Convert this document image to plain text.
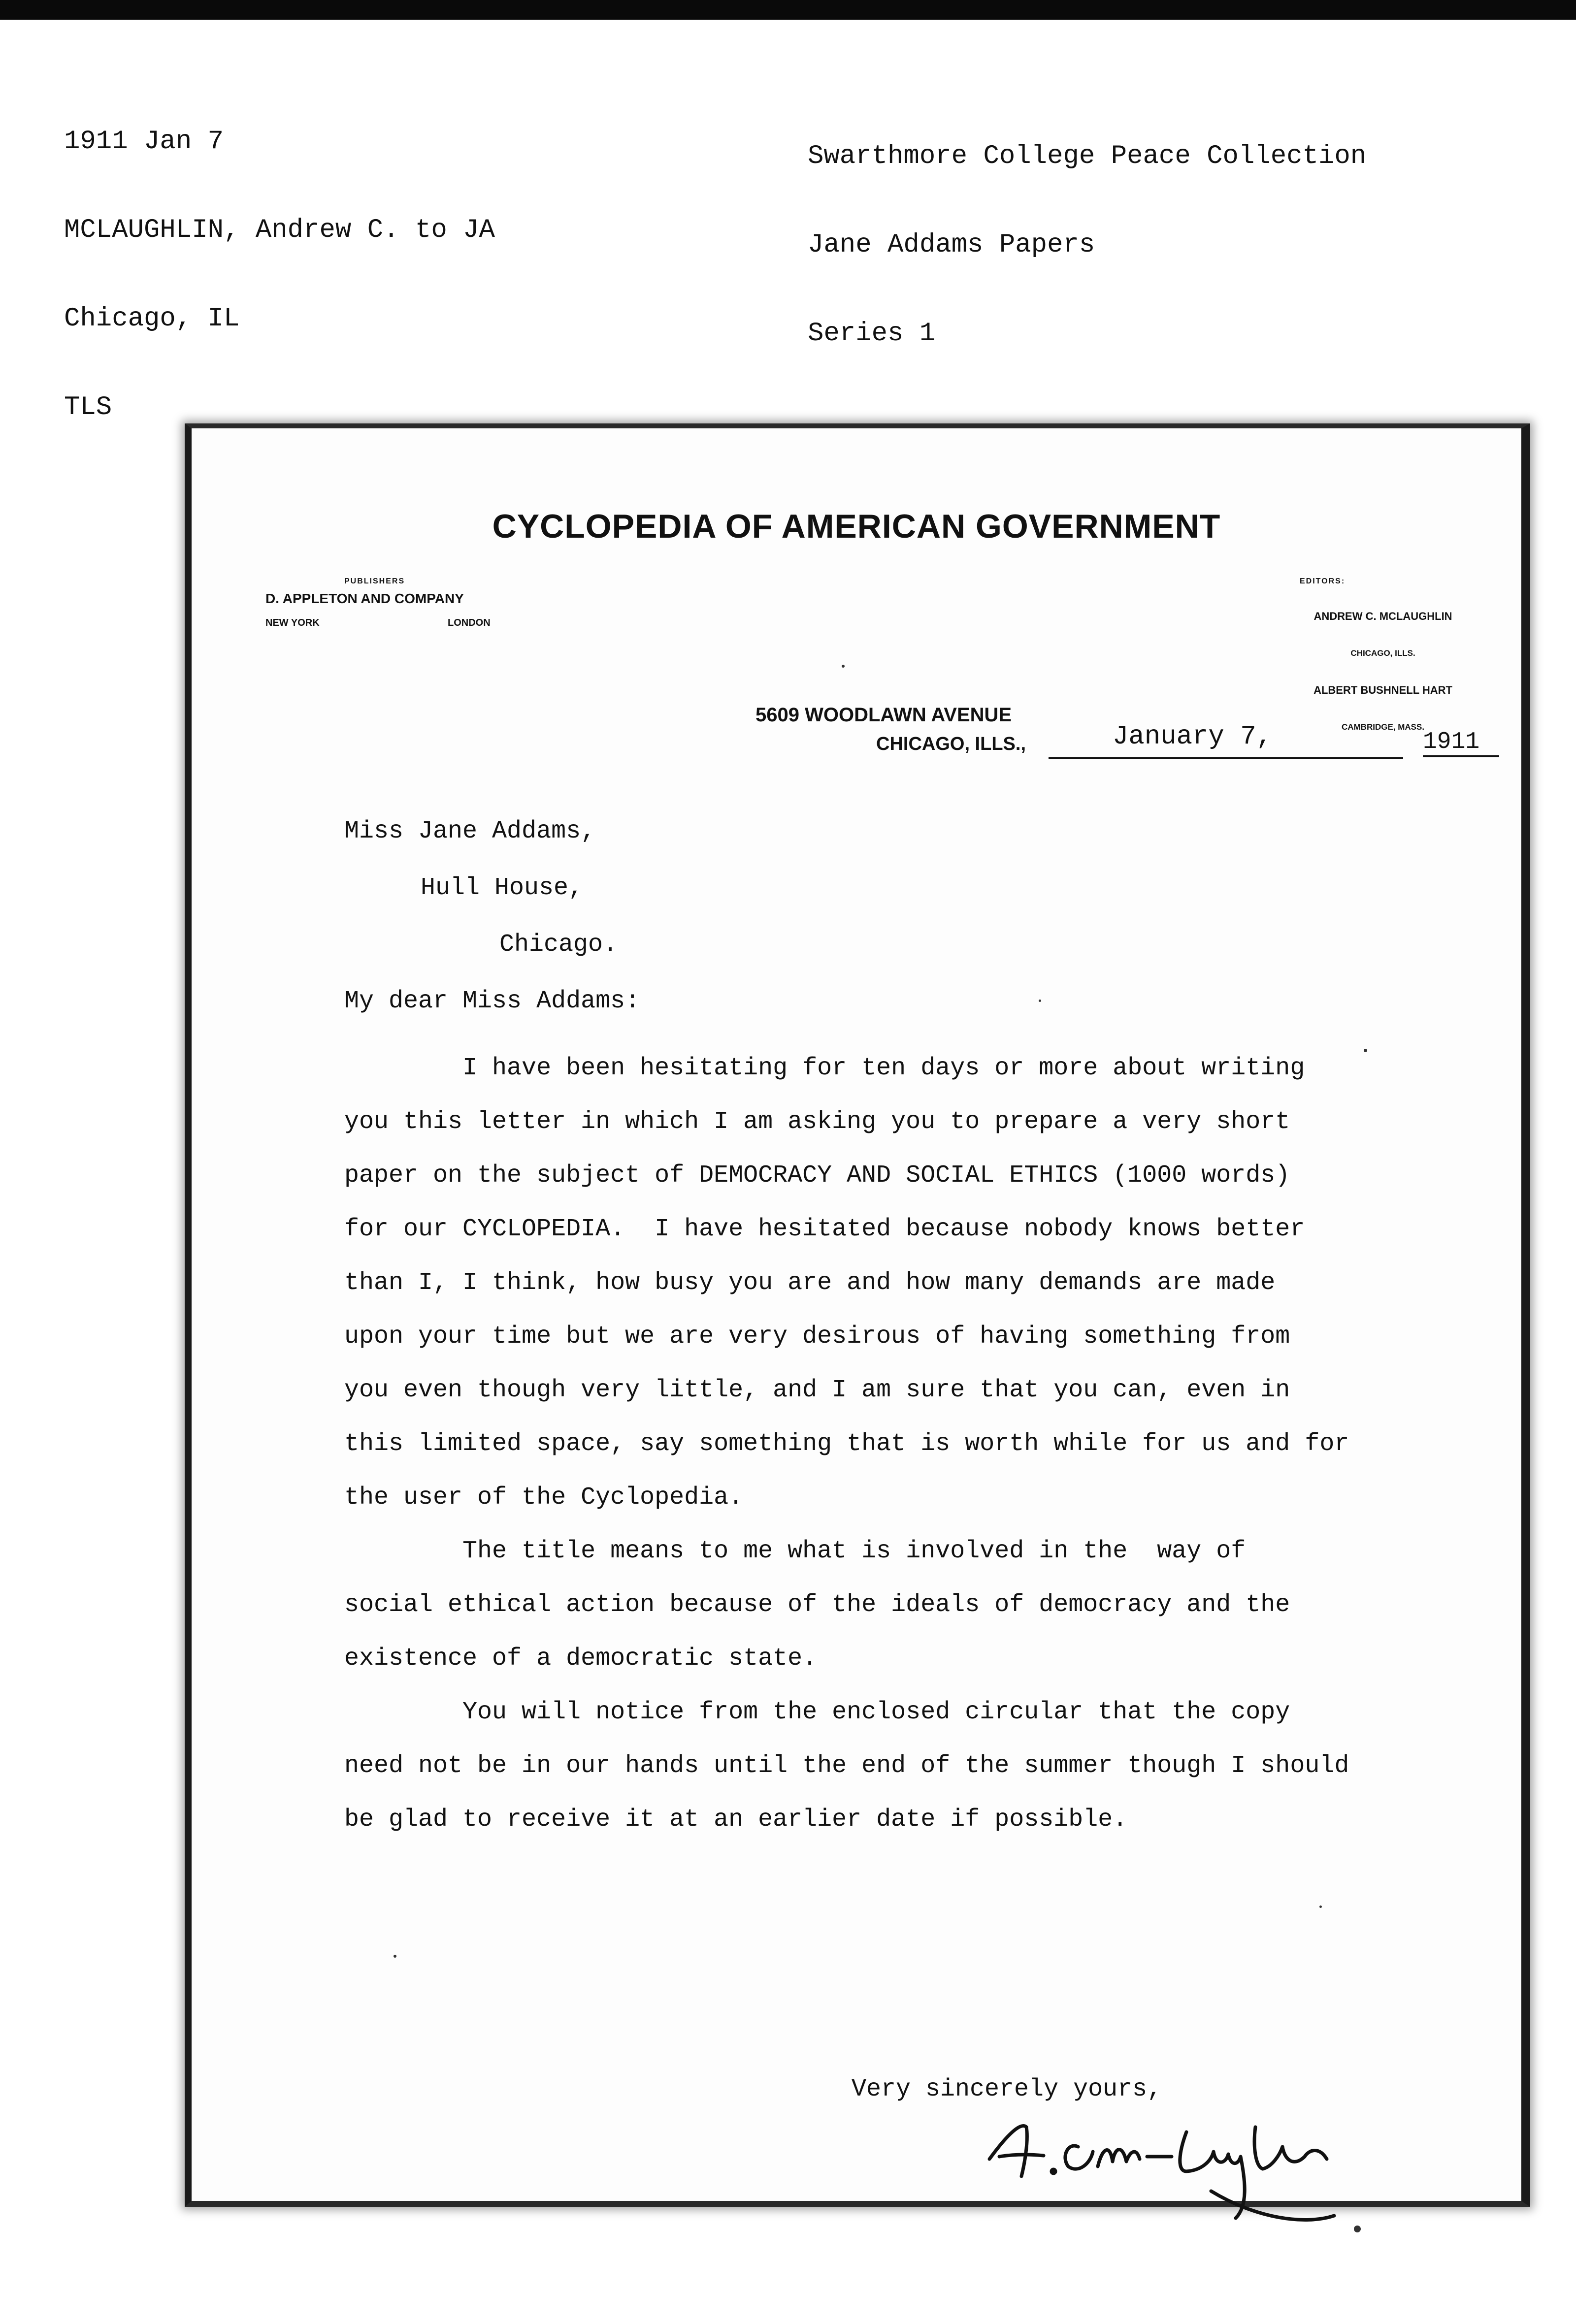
1911 Jan 7

MCLAUGHLIN, Andrew C. to JA

Chicago, IL

TLS

Swarthmore College Peace Collection

Jane Addams Papers

Series 1

CYCLOPEDIA OF AMERICAN GOVERNMENT
PUBLISHERS
D. APPLETON AND COMPANY
NEW YORK	LONDON
EDITORS:

ANDREW C. MCLAUGHLIN

CHICAGO, ILLS.

ALBERT BUSHNELL HART

CAMBRIDGE, MASS.

5609 WOODLAWN AVENUE
CHICAGO, ILLS.,	January 7,	1911
Miss Jane Addams,
Hull House,
Chicago.
My dear Miss Addams:
I have been hesitating for ten days or more about writing
you this letter in which I am asking you to prepare a very short
paper on the subject of DEMOCRACY AND SOCIAL ETHICS (1000 words)
for our CYCLOPEDIA.  I have hesitated because nobody knows better
than I, I think, how busy you are and how many demands are made
upon your time but we are very desirous of having something from
you even though very little, and I am sure that you can, even in
this limited space, say something that is worth while for us and for
the user of the Cyclopedia.
The title means to me what is involved in the  way of
social ethical action because of the ideals of democracy and the
existence of a democratic state.
You will notice from the enclosed circular that the copy
need not be in our hands until the end of the summer though I should
be glad to receive it at an earlier date if possible.
Very sincerely yours,
